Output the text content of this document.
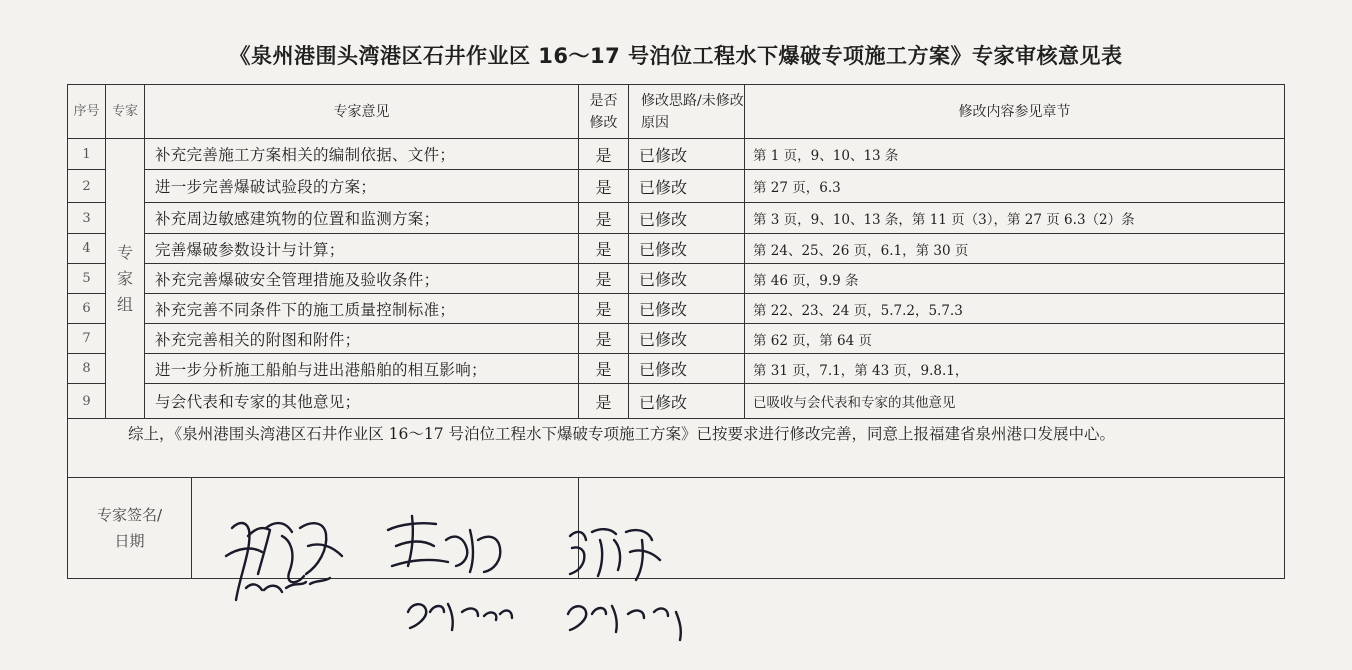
《泉州港围头湾港区石井作业区 16～17 号泊位工程水下爆破专项施工方案》专家审核意见表
序号	专家	专家意见	是否修改	修改思路/未修改原因	修改内容参见章节
1	专家组	补充完善施工方案相关的编制依据、文件；	是	已修改	第 1 页，9、10、13 条
2		进一步完善爆破试验段的方案；	是	已修改	第 27 页，6.3
3		补充周边敏感建筑物的位置和监测方案；	是	已修改	第 3 页，9、10、13 条，第 11 页（3），第 27 页 6.3（2）条
4		完善爆破参数设计与计算；	是	已修改	第 24、25、26 页，6.1，第 30 页
5		补充完善爆破安全管理措施及验收条件；	是	已修改	第 46 页，9.9 条
6		补充完善不同条件下的施工质量控制标准；	是	已修改	第 22、23、24 页，5.7.2，5.7.3
7		补充完善相关的附图和附件；	是	已修改	第 62 页，第 64 页
8		进一步分析施工船舶与进出港船舶的相互影响；	是	已修改	第 31 页，7.1，第 43 页，9.8.1，
9		与会代表和专家的其他意见；	是	已修改	已吸收与会代表和专家的其他意见
综上，《泉州港围头湾港区石井作业区 16～17 号泊位工程水下爆破专项施工方案》已按要求进行修改完善，同意上报福建省泉州港口发展中心。					

专家签名/
日期					
